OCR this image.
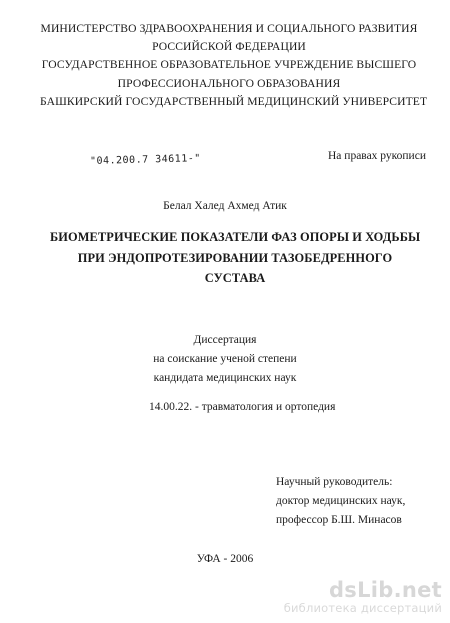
МИНИСТЕРСТВО ЗДРАВООХРАНЕНИЯ И СОЦИАЛЬНОГО РАЗВИТИЯ
РОССИЙСКОЙ ФЕДЕРАЦИИ
ГОСУДАРСТВЕННОЕ ОБРАЗОВАТЕЛЬНОЕ УЧРЕЖДЕНИЕ ВЫСШЕГО
ПРОФЕССИОНАЛЬНОГО ОБРАЗОВАНИЯ
БАШКИРСКИЙ ГОСУДАРСТВЕННЫЙ МЕДИЦИНСКИЙ УНИВЕРСИТЕТ
"04.200.7 34611-"	На правах рукописи
Белал Халед Ахмед Атик
БИОМЕТРИЧЕСКИЕ ПОКАЗАТЕЛИ ФАЗ ОПОРЫ И ХОДЬБЫ
ПРИ ЭНДОПРОТЕЗИРОВАНИИ ТАЗОБЕДРЕННОГО
СУСТАВА
Диссертация
на соискание ученой степени
кандидата медицинских наук
14.00.22. - травматология и ортопедия
Научный руководитель:
доктор медицинских наук,
профессор Б.Ш. Минасов
УФА - 2006
dsLib.net
библиотека диссертаций
